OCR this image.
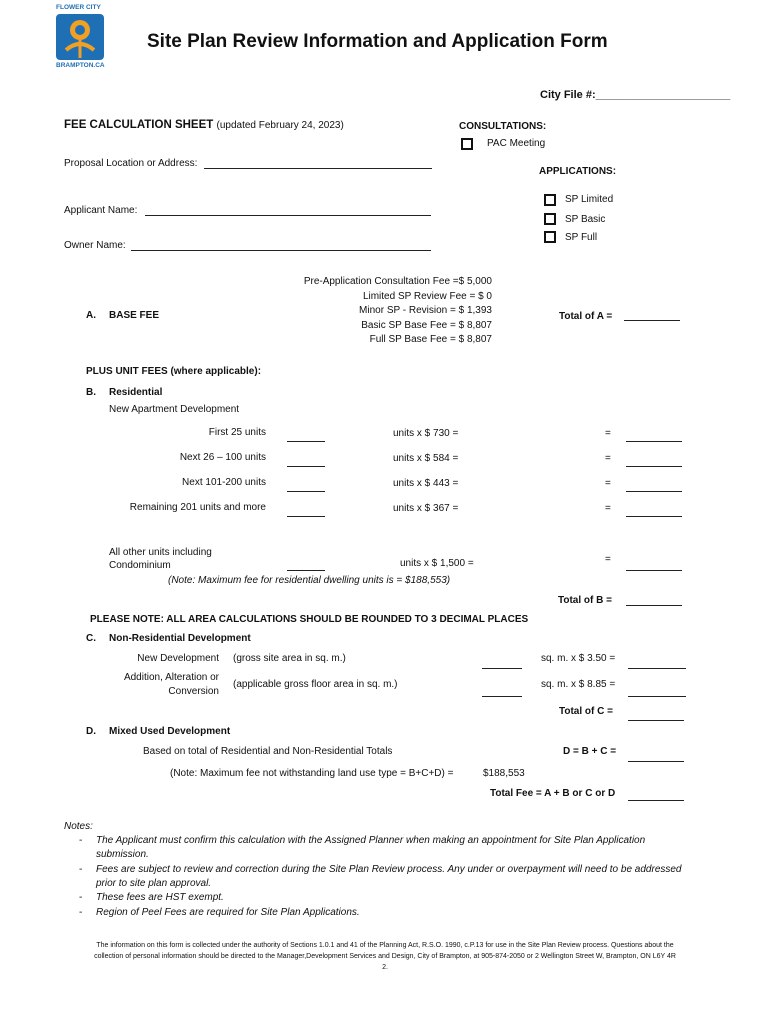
FLOWER CITY
BRAMPTON.CA
Site Plan Review Information and Application Form
City File #:______________________
FEE CALCULATION SHEET (updated February 24, 2023)	CONSULTATIONS:
PAC Meeting
APPLICATIONS:
SP Limited
SP Basic
SP Full
Proposal Location or Address:
Applicant Name:
Owner Name:
Pre-Application Consultation Fee =$ 5,000
Limited SP Review Fee = $ 0
Minor SP - Revision = $ 1,393
Basic SP Base Fee = $ 8,807
Full SP Base Fee = $ 8,807
A. BASE FEE	Total of A =
PLUS UNIT FEES (where applicable):
B. Residential
New Apartment Development
First 25 units	units x $ 730 =	=
Next 26 – 100 units	units x $ 584 =	=
Next 101-200 units	units x $ 443 =	=
Remaining 201 units and more	units x $ 367 =	=
All other units including
Condominium	units x $ 1,500 =	=
(Note: Maximum fee for residential dwelling units is = $188,553)
Total of B =
PLEASE NOTE: ALL AREA CALCULATIONS SHOULD BE ROUNDED TO 3 DECIMAL PLACES
C. Non-Residential Development
New Development (gross site area in sq. m.)	sq. m. x $ 3.50 =
Addition, Alteration or
Conversion
(applicable gross floor area in sq. m.)	sq. m. x $ 8.85 =
Total of C =
D. Mixed Used Development
Based on total of Residential and Non-Residential Totals	D = B + C =
(Note: Maximum fee not withstanding land use type = B+C+D) =	$188,553
Total Fee = A + B or C or D
Notes:
- The Applicant must confirm this calculation with the Assigned Planner when making an appointment for Site Plan Application
submission.
- Fees are subject to review and correction during the Site Plan Review process. Any under or overpayment will need to be addressed
prior to site plan approval.
- These fees are HST exempt.
- Region of Peel Fees are required for Site Plan Applications.
The information on this form is collected under the authority of Sections 1.0.1 and 41 of the Planning Act, R.S.O. 1990, c.P.13 for use in the Site Plan Review process. Questions about the
collection of personal information should be directed to the Manager,Development Services and Design, City of Brampton, at 905-874-2050 or 2 Wellington Street W, Brampton, ON L6Y 4R
2.
